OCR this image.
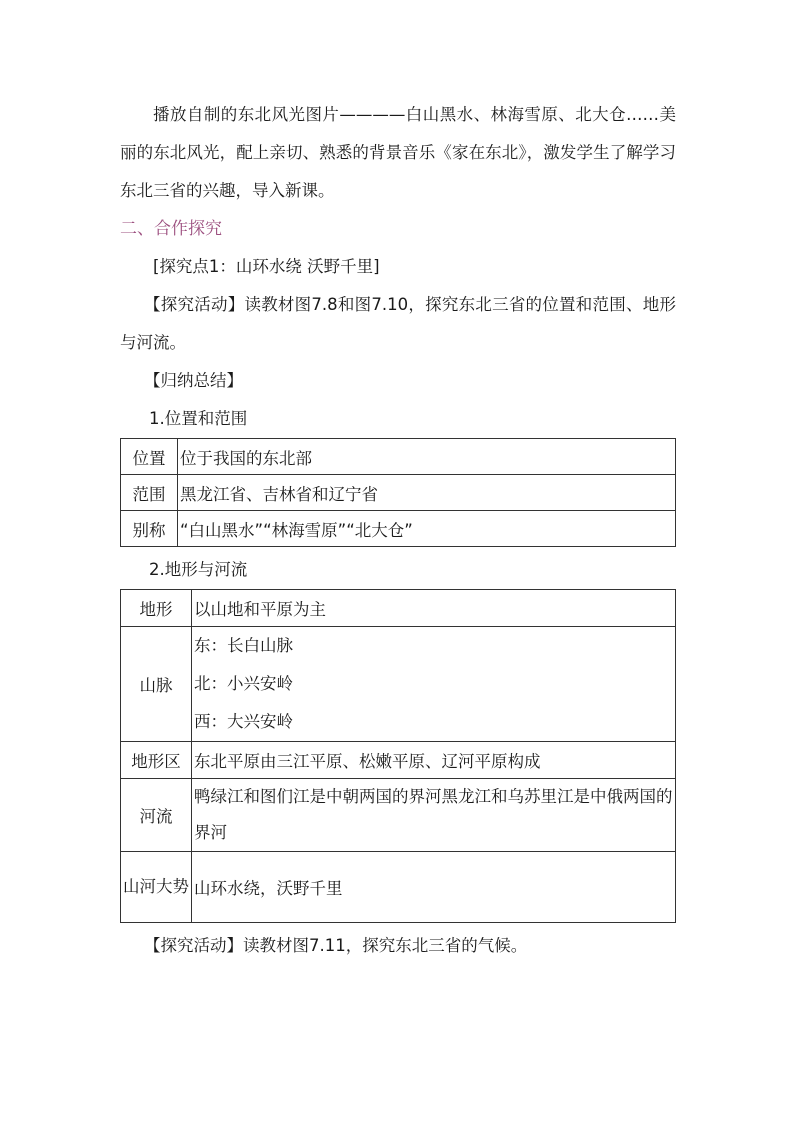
播放自制的东北风光图片————白山黑水、林海雪原、北大仓……美丽的东北风光，配上亲切、熟悉的背景音乐《家在东北》，激发学生了解学习东北三省的兴趣，导入新课。

二、合作探究
[探究点1：山环水绕 沃野千里]

【探究活动】读教材图7.8和图7.10，探究东北三省的位置和范围、地形与河流。

【归纳总结】
1.位置和范围
位置	位于我国的东北部
范围	黑龙江省、吉林省和辽宁省
别称	“白山黑水”“林海雪原”“北大仓”
2.地形与河流
地形	以山地和平原为主
山脉	东：长白山脉
北：小兴安岭
西：大兴安岭

地形区	东北平原由三江平原、松嫩平原、辽河平原构成
河流	鸭绿江和图们江是中朝两国的界河黑龙江和乌苏里江是中俄两国的界河
山河大势	山环水绕，沃野千里
【探究活动】读教材图7.11，探究东北三省的气候。
